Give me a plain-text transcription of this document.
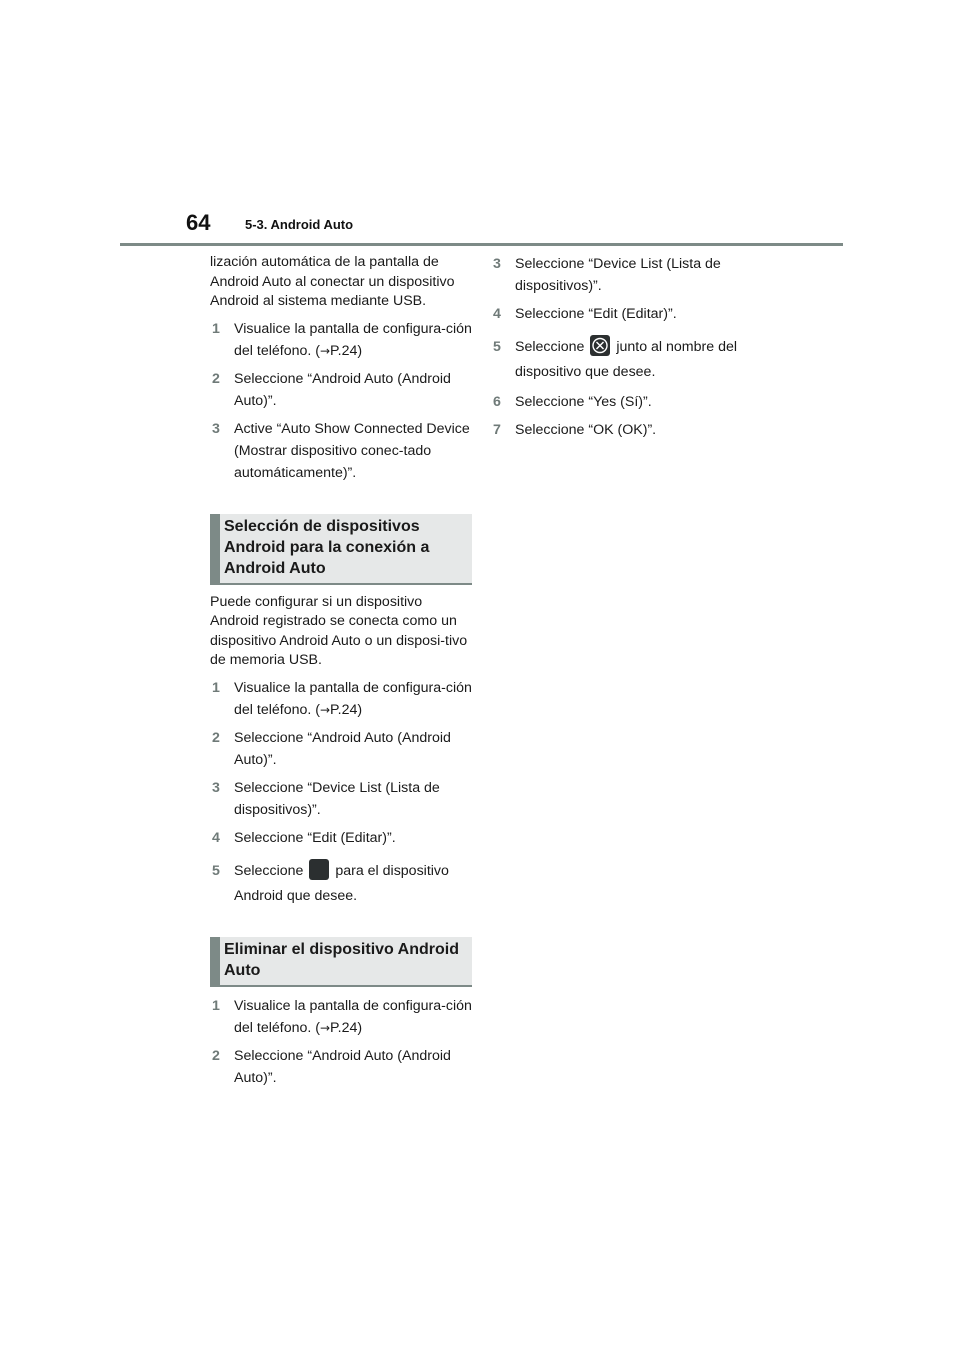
64	5-3. Android Auto

lización automática de la pantalla de Android Auto al conectar un dispositivo Android al sistema mediante USB.

1 Visualice la pantalla de configura-ción del teléfono. (→P.24)
2 Seleccione “Android Auto (Android Auto)”.
3 Active “Auto Show Connected Device (Mostrar dispositivo conec-tado automáticamente)”.
Selección de dispositivos Android para la conexión a Android Auto

Puede configurar si un dispositivo Android registrado se conecta como un dispositivo Android Auto o un disposi-tivo de memoria USB.

1 Visualice la pantalla de configura-ción del teléfono. (→P.24)
2 Seleccione “Android Auto (Android Auto)”.
3 Seleccione “Device List (Lista de dispositivos)”.
4 Seleccione “Edit (Editar)”.
5 Seleccione para el dispositivo Android que desee.
Eliminar el dispositivo Android Auto
1 Visualice la pantalla de configura-ción del teléfono. (→P.24)
2 Seleccione “Android Auto (Android Auto)”.
3 Seleccione “Device List (Lista de dispositivos)”.
4 Seleccione “Edit (Editar)”.
5 Seleccione junto al nombre del dispositivo que desee.
6 Seleccione “Yes (Sí)”.
7 Seleccione “OK (OK)”.
